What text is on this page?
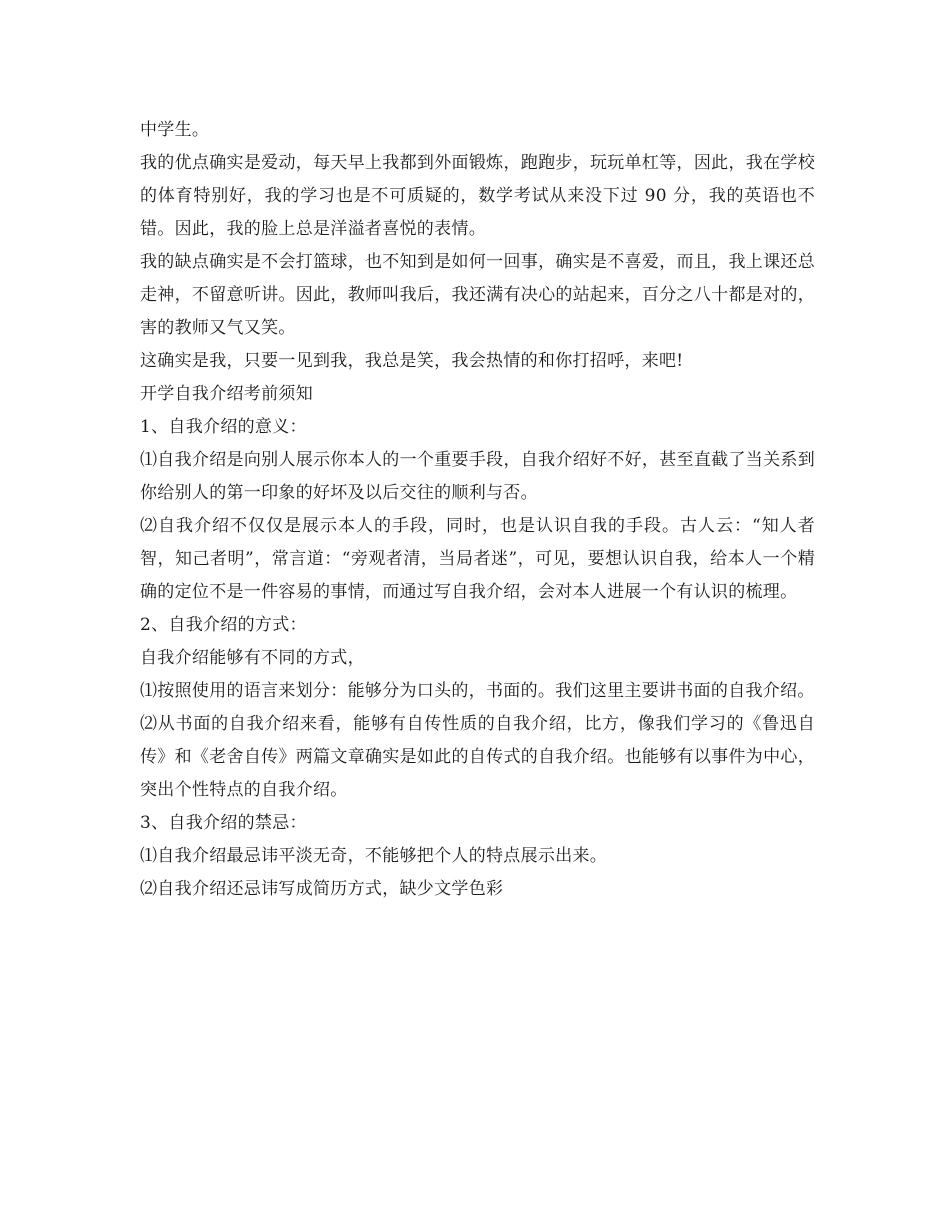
中学生。

我的优点确实是爱动，每天早上我都到外面锻炼，跑跑步，玩玩单杠等，因此，我在学校的体育特别好，我的学习也是不可质疑的，数学考试从来没下过 90 分，我的英语也不错。因此，我的脸上总是洋溢者喜悦的表情。

我的缺点确实是不会打篮球，也不知到是如何一回事，确实是不喜爱，而且，我上课还总走神，不留意听讲。因此，教师叫我后，我还满有决心的站起来，百分之八十都是对的，害的教师又气又笑。

这确实是我，只要一见到我，我总是笑，我会热情的和你打招呼，来吧!

开学自我介绍考前须知

1、自我介绍的意义：

⑴自我介绍是向别人展示你本人的一个重要手段，自我介绍好不好，甚至直截了当关系到你给别人的第一印象的好坏及以后交往的顺利与否。

⑵自我介绍不仅仅是展示本人的手段，同时，也是认识自我的手段。古人云：“知人者智，知己者明”，常言道：“旁观者清，当局者迷”，可见，要想认识自我，给本人一个精确的定位不是一件容易的事情，而通过写自我介绍，会对本人进展一个有认识的梳理。

2、自我介绍的方式：

自我介绍能够有不同的方式，

⑴按照使用的语言来划分：能够分为口头的，书面的。我们这里主要讲书面的自我介绍。

⑵从书面的自我介绍来看，能够有自传性质的自我介绍，比方，像我们学习的《鲁迅自传》和《老舍自传》两篇文章确实是如此的自传式的自我介绍。也能够有以事件为中心，突出个性特点的自我介绍。

3、自我介绍的禁忌：

⑴自我介绍最忌讳平淡无奇，不能够把个人的特点展示出来。

⑵自我介绍还忌讳写成简历方式，缺少文学色彩
